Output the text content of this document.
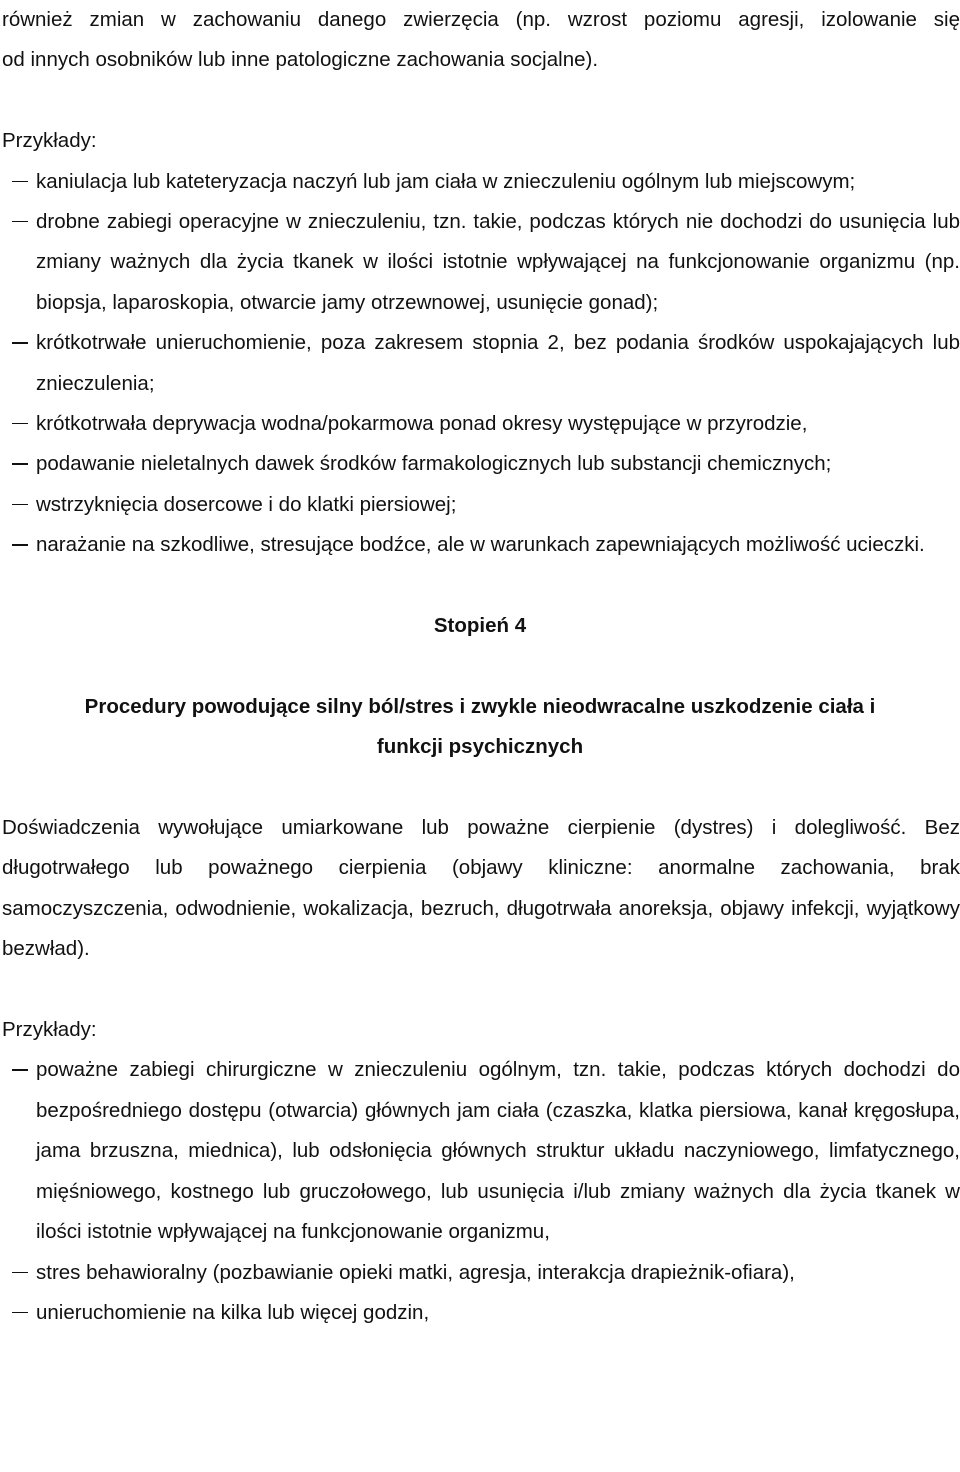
również zmian w zachowaniu danego zwierzęcia (np. wzrost poziomu agresji, izolowanie się

od innych osobników lub inne patologiczne zachowania socjalne).

Przykłady:

kaniulacja lub kateteryzacja naczyń lub jam ciała w znieczuleniu ogólnym lub miejscowym;
drobne zabiegi operacyjne w znieczuleniu, tzn. takie, podczas których nie dochodzi do usunięcia lub zmiany ważnych dla życia tkanek w ilości istotnie wpływającej na funkcjonowanie organizmu (np. biopsja, laparoskopia, otwarcie jamy otrzewnowej, usunięcie gonad);
krótkotrwałe unieruchomienie, poza zakresem stopnia 2, bez podania środków uspokajających lub znieczulenia;
krótkotrwała deprywacja wodna/pokarmowa ponad okresy występujące w przyrodzie,
podawanie nieletalnych dawek środków farmakologicznych lub substancji chemicznych;
wstrzyknięcia dosercowe i do klatki piersiowej;
narażanie na szkodliwe, stresujące bodźce, ale w warunkach zapewniających możliwość ucieczki.

Stopień 4

Procedury powodujące silny ból/stres i zwykle nieodwracalne uszkodzenie ciała i

funkcji psychicznych

Doświadczenia wywołujące umiarkowane lub poważne cierpienie (dystres) i dolegliwość. Bez długotrwałego lub poważnego cierpienia (objawy kliniczne: anormalne zachowania, brak samoczyszczenia, odwodnienie, wokalizacja, bezruch, długotrwała anoreksja, objawy infekcji, wyjątkowy bezwład).

Przykłady:

poważne zabiegi chirurgiczne w znieczuleniu ogólnym, tzn. takie, podczas których dochodzi do bezpośredniego dostępu (otwarcia) głównych jam ciała (czaszka, klatka piersiowa, kanał kręgosłupa, jama brzuszna, miednica), lub odsłonięcia głównych struktur układu naczyniowego, limfatycznego, mięśniowego, kostnego lub gruczołowego, lub usunięcia i/lub zmiany ważnych dla życia tkanek w ilości istotnie wpływającej na funkcjonowanie organizmu,
stres behawioralny (pozbawianie opieki matki, agresja, interakcja drapieżnik-ofiara),
unieruchomienie na kilka lub więcej godzin,
